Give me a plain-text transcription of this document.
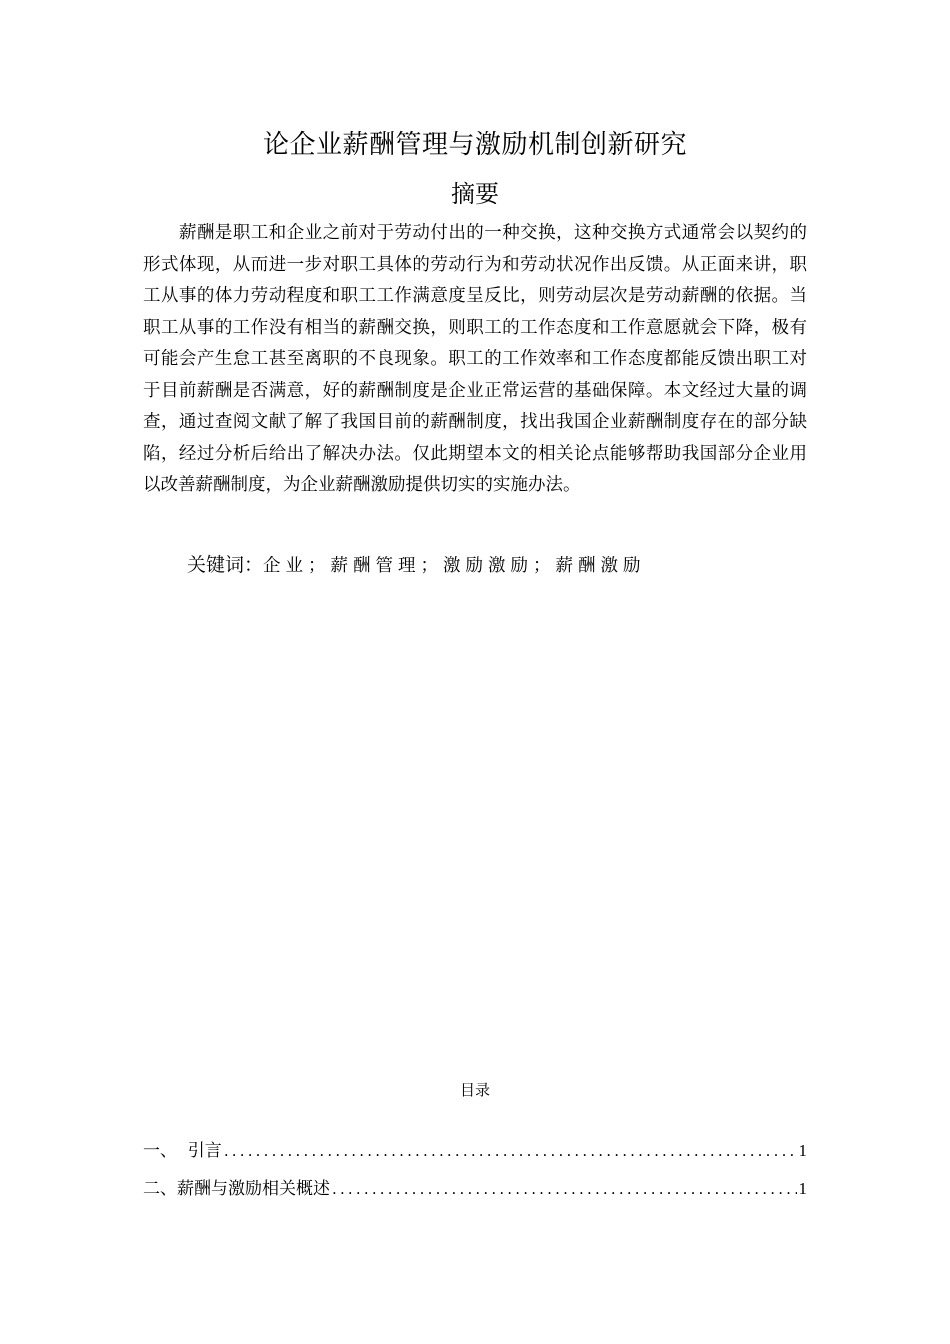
论企业薪酬管理与激励机制创新研究
摘要

薪酬是职工和企业之前对于劳动付出的一种交换，这种交换方式通常会以契约的形式体现，从而进一步对职工具体的劳动行为和劳动状况作出反馈。从正面来讲，职工从事的体力劳动程度和职工工作满意度呈反比，则劳动层次是劳动薪酬的依据。当职工从事的工作没有相当的薪酬交换，则职工的工作态度和工作意愿就会下降，极有可能会产生怠工甚至离职的不良现象。职工的工作效率和工作态度都能反馈出职工对于目前薪酬是否满意，好的薪酬制度是企业正常运营的基础保障。本文经过大量的调查，通过查阅文献了解了我国目前的薪酬制度，找出我国企业薪酬制度存在的部分缺陷，经过分析后给出了解决办法。仅此期望本文的相关论点能够帮助我国部分企业用以改善薪酬制度，为企业薪酬激励提供切实的实施办法。

关键词：企业；薪酬管理；激励激励；薪酬激励
目录
一、  引言 .....	1
二、薪酬与激励相关概述 .....	1
